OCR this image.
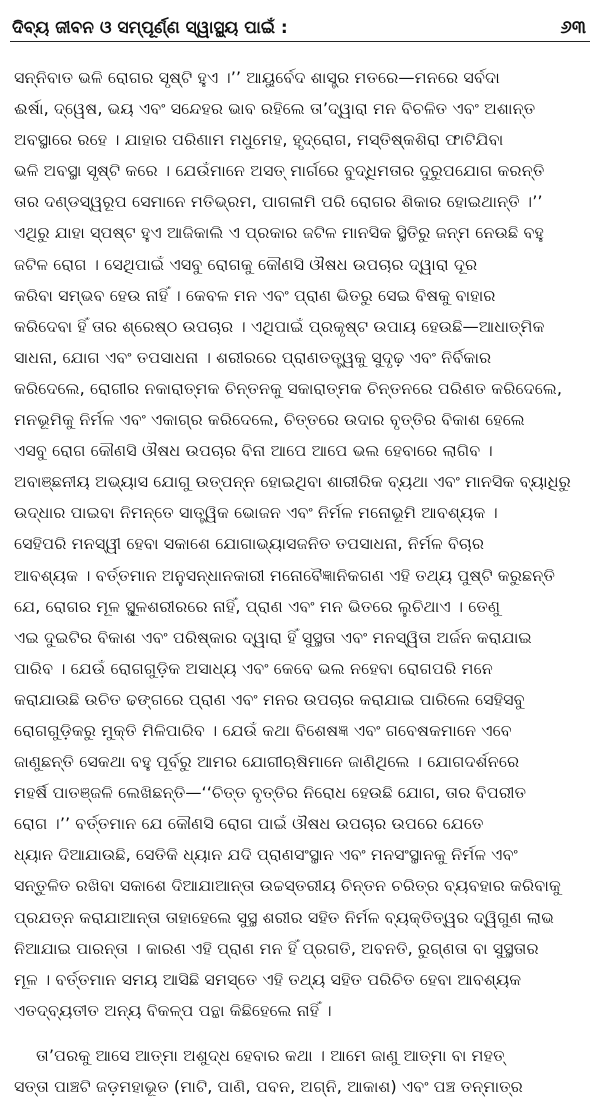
ଦିବ୍ୟ ଜୀବନ ଓ ସମ୍ପୂର୍ଣ୍ଣ ସ୍ୱାସ୍ଥ୍ୟ ପାଇଁ :	୬୩
ସନ୍ନିବାତ ଭଳି ରୋଗର ସୃଷ୍ଟି ହୁଏ ।’’ ଆୟୁର୍ବେଦ ଶାସ୍ତ୍ର ମତରେ—ମନରେ ସର୍ବଦା
ଈର୍ଷା, ଦ୍ୱେଷ, ଭୟ ଏବଂ ସନ୍ଦେହର ଭାବ ରହିଲେ ତା’ଦ୍ୱାରା ମନ ବିଚଳିତ ଏବଂ ଅଶାନ୍ତ
ଅବସ୍ଥାରେ ରହେ । ଯାହାର ପରିଣାମ ମଧୁମେହ, ହୃଦ୍‌ରୋଗ, ମସ୍ତିଷ୍କଶିରା ଫାଟିଯିବା
ଭଳି ଅବସ୍ଥା ସୃଷ୍ଟି କରେ । ଯେଉଁମାନେ ଅସତ୍ ମାର୍ଗରେ ବୁଦ୍ଧିମତାର ଦୁରୁପଯୋଗ କରନ୍ତି
ତାର ଦଣ୍ଡସ୍ୱରୂପ ସେମାନେ ମତିଭ୍ରମ, ପାଗଳାମି ପରି ରୋଗର ଶିକାର ହୋଇଥାନ୍ତି ।’’
ଏଥିରୁ ଯାହା ସ୍ପଷ୍ଟ ହୁଏ ଆଜିକାଲି ଏ ପ୍ରକାର ଜଟିଳ ମାନସିକ ସ୍ଥିତିରୁ ଜନ୍ମ ନେଉଛି ବହୁ
ଜଟିଳ ରୋଗ । ସେଥିପାଇଁ ଏସବୁ ରୋଗକୁ କୌଣସି ଔଷଧ ଉପଚାର ଦ୍ୱାରା ଦୂର
କରିବା ସମ୍ଭବ ହେଉ ନାହିଁ । କେବଳ ମନ ଏବଂ ପ୍ରାଣ ଭିତରୁ ସେଇ ବିଷକୁ ବାହାର
କରିଦେବା ହିଁ ତାର ଶ୍ରେଷ୍ଠ ଉପଚାର । ଏଥିପାଇଁ ପ୍ରକୃଷ୍ଟ ଉପାୟ ହେଉଛି—ଆଧାତ୍ମିକ
ସାଧନା, ଯୋଗ ଏବଂ ତପସାଧନା । ଶରୀରରେ ପ୍ରାଣତତ୍ତ୍ୱକୁ ସୁଦୃଢ଼ ଏବଂ ନିର୍ବିକାର
କରିଦେଲେ, ରୋଗୀର ନକାରାତ୍ମକ ଚିନ୍ତନକୁ ସକାରାତ୍ମକ ଚିନ୍ତନରେ ପରିଣତ କରିଦେଲେ,
ମନଭୂମିକୁ ନିର୍ମଳ ଏବଂ ଏକାଗ୍ର କରିଦେଲେ, ଚିତ୍ତରେ ଉଦାର ବୃତ୍ତିର ବିକାଶ ହେଲେ
ଏସବୁ ରୋଗ କୌଣସି ଔଷଧ ଉପଚାର ବିନା ଆପେ ଆପେ ଭଲ ହେବାରେ ଲାଗିବ ।
ଅବାଞ୍ଛନୀୟ ଅଭ୍ୟାସ ଯୋଗୁ ଉତ୍ପନ୍ନ ହୋଇଥିବା ଶାରୀରିକ ବ୍ୟଥା ଏବଂ ମାନସିକ ବ୍ୟାଧିରୁ
ଉଦ୍ଧାର ପାଇବା ନିମନ୍ତେ ସାତ୍ତ୍ୱିକ ଭୋଜନ ଏବଂ ନିର୍ମଳ ମନୋଭୂମି ଆବଶ୍ୟକ ।
ସେହିପରି ମନସ୍ୱୀ ହେବା ସକାଶେ ଯୋଗାଭ୍ୟାସଜନିତ ତପସାଧନା, ନିର୍ମଳ ବିଚାର
ଆବଶ୍ୟକ । ବର୍ତ୍ତମାନ ଅନୁସନ୍ଧାନକାରୀ ମନୋବୈଜ୍ଞାନିକଗଣ ଏହି ତଥ୍ୟ ପୁଷ୍ଟି କରୁଛନ୍ତି
ଯେ, ରୋଗର ମୂଳ ସ୍ଥୂଳଶରୀରରେ ନାହିଁ, ପ୍ରାଣ ଏବଂ ମନ ଭିତରେ ଲୁଚିଥାଏ । ତେଣୁ
ଏଇ ଦୁଇଟିର ବିକାଶ ଏବଂ ପରିଷ୍କାର ଦ୍ୱାରା ହିଁ ସୁସ୍ଥତା ଏବଂ ମନସ୍ୱିତା ଅର୍ଜନ କରାଯାଇ
ପାରିବ । ଯେଉଁ ରୋଗଗୁଡ଼ିକ ଅସାଧ୍ୟ ଏବଂ କେବେ ଭଲ ନହେବା ରୋଗପରି ମନେ
କରାଯାଉଛି ଉଚିତ ଢଙ୍ଗରେ ପ୍ରାଣ ଏବଂ ମନର ଉପଚାର କରାଯାଇ ପାରିଲେ ସେହିସବୁ
ରୋଗଗୁଡ଼ିକରୁ ମୁକ୍ତି ମିଳିପାରିବ । ଯେଉଁ କଥା ବିଶେଷଜ୍ଞ ଏବଂ ଗବେଷକମାନେ ଏବେ
ଜାଣୁଛନ୍ତି ସେକଥା ବହୁ ପୂର୍ବରୁ ଆମର ଯୋଗୀଋଷିମାନେ ଜାଣିଥିଲେ । ଯୋଗଦର୍ଶନରେ
ମହର୍ଷି ପାତଞ୍ଜଳି ଲେଖିଛନ୍ତି—‘‘ଚିତ୍ତ ବୃତ୍ତିର ନିରୋଧ ହେଉଛି ଯୋଗ, ତାର ବିପରୀତ
ରୋଗ ।’’ ବର୍ତ୍ତମାନ ଯେ କୌଣସି ରୋଗ ପାଇଁ ଔଷଧ ଉପଚାର ଉପରେ ଯେତେ
ଧ୍ୟାନ ଦିଆଯାଉଛି, ସେତିକି ଧ୍ୟାନ ଯଦି ପ୍ରାଣସଂସ୍ଥାନ ଏବଂ ମନସଂସ୍ଥାନକୁ ନିର୍ମଳ ଏବଂ
ସନ୍ତୁଳିତ ରଖିବା ସକାଶେ ଦିଆଯାଆନ୍ତା ଉଚ୍ଚସ୍ତରୀୟ ଚିନ୍ତନ ଚରିତ୍ର ବ୍ୟବହାର କରିବାକୁ
ପ୍ରଯତ୍ନ କରାଯାଆନ୍ତା ତାହାହେଲେ ସୁସ୍ଥ ଶରୀର ସହିତ ନିର୍ମଳ ବ୍ୟକ୍ତିତ୍ୱର ଦ୍ୱିଗୁଣ ଲାଭ
ନିଆଯାଇ ପାରନ୍ତା । କାରଣ ଏହି ପ୍ରାଣ ମନ ହିଁ ପ୍ରଗତି, ଅବନତି, ରୁଗ୍ଣତା ବା ସୁସ୍ଥତାର
ମୂଳ । ବର୍ତ୍ତମାନ ସମୟ ଆସିଛି ସମସ୍ତେ ଏହି ତଥ୍ୟ ସହିତ ପରିଚିତ ହେବା ଆବଶ୍ୟକ
ଏତଦ୍‌ବ୍ୟତୀତ ଅନ୍ୟ ବିକଳ୍ପ ପନ୍ଥା କିଛିହେଲେ ନାହିଁ ।
ତା’ପରକୁ ଆସେ ଆତ୍ମା ଅଶୁଦ୍ଧ ହେବାର କଥା । ଆମେ ଜାଣୁ ଆତ୍ମା ବା ମହତ୍
ସତ୍ତା ପାଞ୍ଚଟି ଜଡ଼ମହାଭୂତ (ମାଟି, ପାଣି, ପବନ, ଅଗ୍ନି, ଆକାଶ) ଏବଂ ପଞ୍ଚ ତନ୍ମାତ୍ର
